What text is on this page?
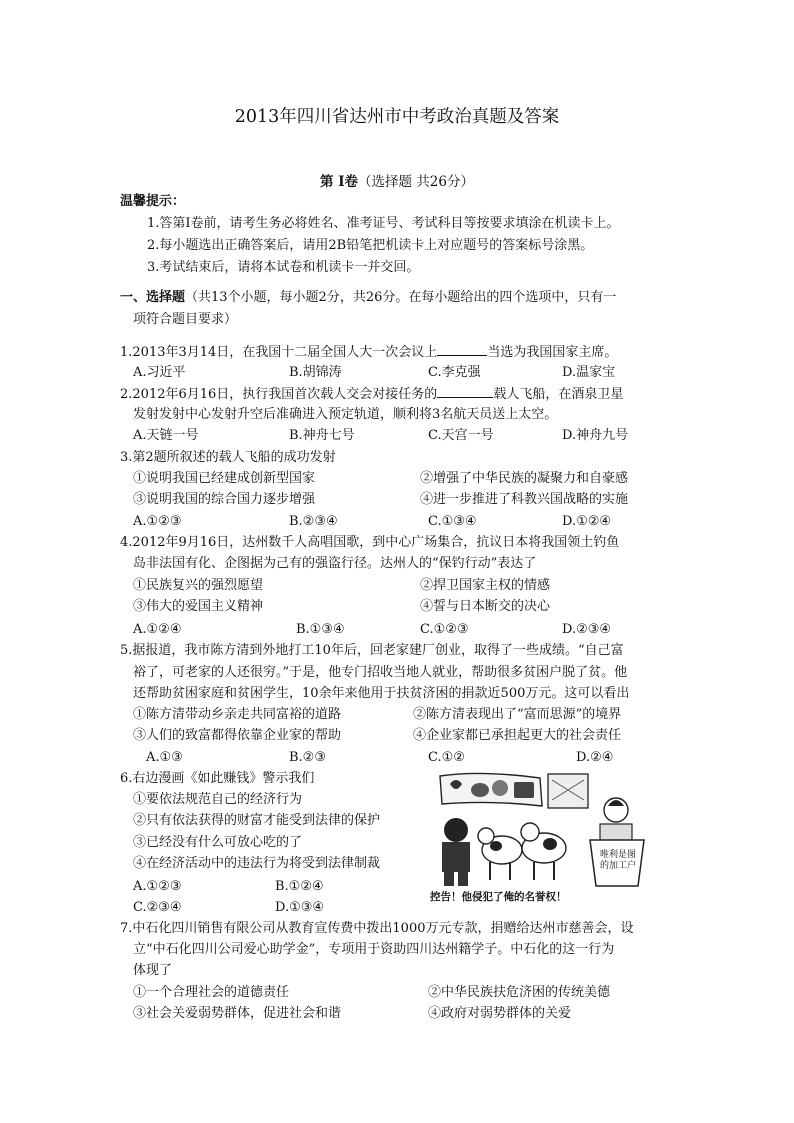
2013年四川省达州市中考政治真题及答案
第 I卷（选择题 共26分）
温馨提示：
1.答第Ⅰ卷前，请考生务必将姓名、准考证号、考试科目等按要求填涂在机读卡上。
2.每小题选出正确答案后，请用2B铅笔把机读卡上对应题号的答案标号涂黑。
3.考试结束后，请将本试卷和机读卡一并交回。
一、选择题（共13个小题，每小题2分，共26分。在每小题给出的四个选项中，只有一
项符合题目要求）
1.2013年3月14日，在我国十二届全国人大一次会议上	当选为我国国家主席。
A.习近平	B.胡锦涛	C.李克强	D.温家宝
2.2012年6月16日，执行我国首次载人交会对接任务的	载人飞船，在酒泉卫星
发射发射中心发射升空后准确进入预定轨道，顺利将3名航天员送上太空。
A.天链一号	B.神舟七号	C.天宫一号	D.神舟九号
3.第2题所叙述的载人飞船的成功发射
①说明我国已经建成创新型国家	②增强了中华民族的凝聚力和自豪感
③说明我国的综合国力逐步增强	④进一步推进了科教兴国战略的实施
A.①②③	B.②③④	C.①③④	D.①②④
4.2012年9月16日，达州数千人高唱国歌，到中心广场集合，抗议日本将我国领土钓鱼
岛非法国有化、企图据为己有的强盗行径。达州人的“保钓行动”表达了
①民族复兴的强烈愿望	②捍卫国家主权的情感
③伟大的爱国主义精神	④誓与日本断交的决心
A.①②④	B.①③④	C.①②③	D.②③④
5.据报道，我市陈方清到外地打工10年后，回老家建厂创业，取得了一些成绩。“自己富
裕了，可老家的人还很穷。”于是，他专门招收当地人就业，帮助很多贫困户脱了贫。他
还帮助贫困家庭和贫困学生，10余年来他用于扶贫济困的捐款近500万元。这可以看出
①陈方清带动乡亲走共同富裕的道路	②陈方清表现出了“富而思源”的境界
③人们的致富都得依靠企业家的帮助	④企业家都已承担起更大的社会责任
A.①③	B.②③	C.①②	D.②④
6.右边漫画《如此赚钱》警示我们
①要依法规范自己的经济行为
②只有依法获得的财富才能受到法律的保护
③已经没有什么可放心吃的了
④在经济活动中的违法行为将受到法律制裁
A.①②③	B.①②④
C.②③④	D.①③④
唯利是图的加工户
控告！他侵犯了俺的名誉权！
7.中石化四川销售有限公司从教育宣传费中拨出1000万元专款，捐赠给达州市慈善会，设
立“中石化四川公司爱心助学金”，专项用于资助四川达州籍学子。中石化的这一行为
体现了
①一个合理社会的道德责任	②中华民族扶危济困的传统美德
③社会关爱弱势群体，促进社会和谐	④政府对弱势群体的关爱
